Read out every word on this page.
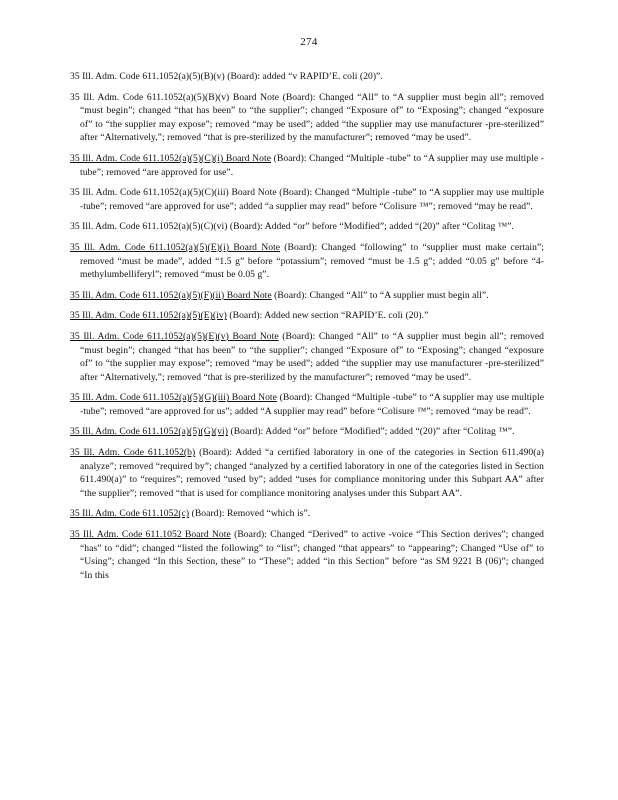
274

35 Ill. Adm. Code 611.1052(a)(5)(B)(v) (Board): added “v RAPID’E. coli (20)”.

35 Ill. Adm. Code 611.1052(a)(5)(B)(v) Board Note (Board): Changed “All” to “A supplier must begin all”; removed “must begin”; changed “that has been” to “the supplier”; changed “Exposure of” to “Exposing”; changed “exposure of” to “the supplier may expose”; removed “may be used”; added “the supplier may use manufacturer -pre-sterilized” after “Alternatively,”; removed “that is pre-sterilized by the manufacturer”; removed “may be used”.

35 Ill. Adm. Code 611.1052(a)(5)(C)(i) Board Note (Board): Changed “Multiple -tube” to “A supplier may use multiple -tube”; removed “are approved for use”.

35 Ill. Adm. Code 611.1052(a)(5)(C)(iii) Board Note (Board): Changed “Multiple -tube” to “A supplier may use multiple -tube”; removed “are approved for use”; added “a supplier may read” before “Colisure ™”; removed “may be read”.

35 Ill. Adm. Code 611.1052(a)(5)(C)(vi) (Board): Added “or” before “Modified”; added “(20)” after “Colitag ™”.

35 Ill. Adm. Code 611.1052(a)(5)(E)(i) Board Note (Board): Changed “following” to “supplier must make certain”; removed “must be made”, added “1.5 g” before “potassium”; removed “must be 1.5 g”; added “0.05 g” before “4-methylumbelliferyl”; removed “must be 0.05 g”.

35 Ill. Adm. Code 611.1052(a)(5)(F)(ii) Board Note (Board): Changed “All” to “A supplier must begin all”.

35 Ill. Adm. Code 611.1052(a)(5)(E)(iv) (Board): Added new section “RAPID’E. coli (20).”

35 Ill. Adm. Code 611.1052(a)(5)(E)(v) Board Note (Board): Changed “All” to “A supplier must begin all”; removed “must begin”; changed “that has been” to “the supplier”; changed “Exposure of” to “Exposing”; changed “exposure of” to “the supplier may expose”; removed “may be used”; added “the supplier may use manufacturer -pre-sterilized” after “Alternatively,”; removed “that is pre-sterilized by the manufacturer”; removed “may be used”.

35 Ill. Adm. Code 611.1052(a)(5)(G)(iii) Board Note (Board): Changed “Multiple -tube” to “A supplier may use multiple -tube”; removed “are approved for us”; added “A supplier may read” before “Colisure ™”; removed “may be read”.

35 Ill. Adm. Code 611.1052(a)(5)(G)(vi) (Board): Added “or” before “Modified”; added “(20)” after “Colitag ™”.

35 Ill. Adm. Code 611.1052(b) (Board): Added “a certified laboratory in one of the categories in Section 611.490(a) analyze”; removed “required by”; changed “analyzed by a certified laboratory in one of the categories listed in Section 611.490(a)” to “requires”; removed “used by”; added “uses for compliance monitoring under this Subpart AA” after “the supplier”; removed “that is used for compliance monitoring analyses under this Subpart AA”.

35 Ill. Adm. Code 611.1052(c) (Board): Removed “which is”.

35 Ill. Adm. Code 611.1052 Board Note (Board): Changed “Derived” to active -voice “This Section derives”; changed “has” to “did”; changed “listed the following” to “list”; changed “that appears” to “appearing”; Changed “Use of” to “Using”; changed “In this Section, these” to “These”; added “in this Section” before “as SM 9221 B (06)”; changed “In this
